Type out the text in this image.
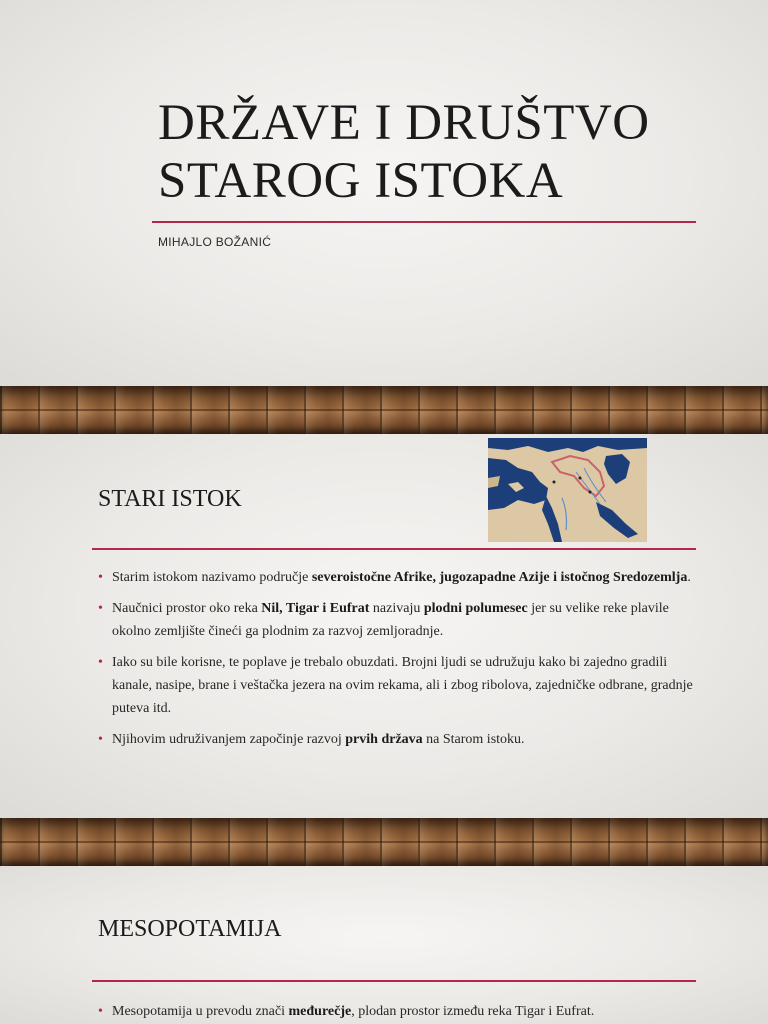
DRŽAVE I DRUŠTVO
STAROG ISTOKA

MIHAJLO BOŽANIĆ

STARI ISTOK
• Starim istokom nazivamo područje severoistočne Afrike, jugozapadne Azije i istočnog Sredozemlja.
• Naučnici prostor oko reka Nil, Tigar i Eufrat nazivaju plodni polumesec jer su velike reke plavile okolno zemljište čineći ga plodnim za razvoj zemljoradnje.
• Iako su bile korisne, te poplave je trebalo obuzdati. Brojni ljudi se udružuju kako bi zajedno gradili kanale, nasipe, brane i veštačka jezera na ovim rekama, ali i zbog ribolova, zajedničke odbrane, gradnje puteva itd.
• Njihovim udruživanjem započinje razvoj prvih država na Starom istoku.
MESOPOTAMIJA
• Mesopotamija u prevodu znači međurečje, plodan prostor između reka Tigar i Eufrat.
